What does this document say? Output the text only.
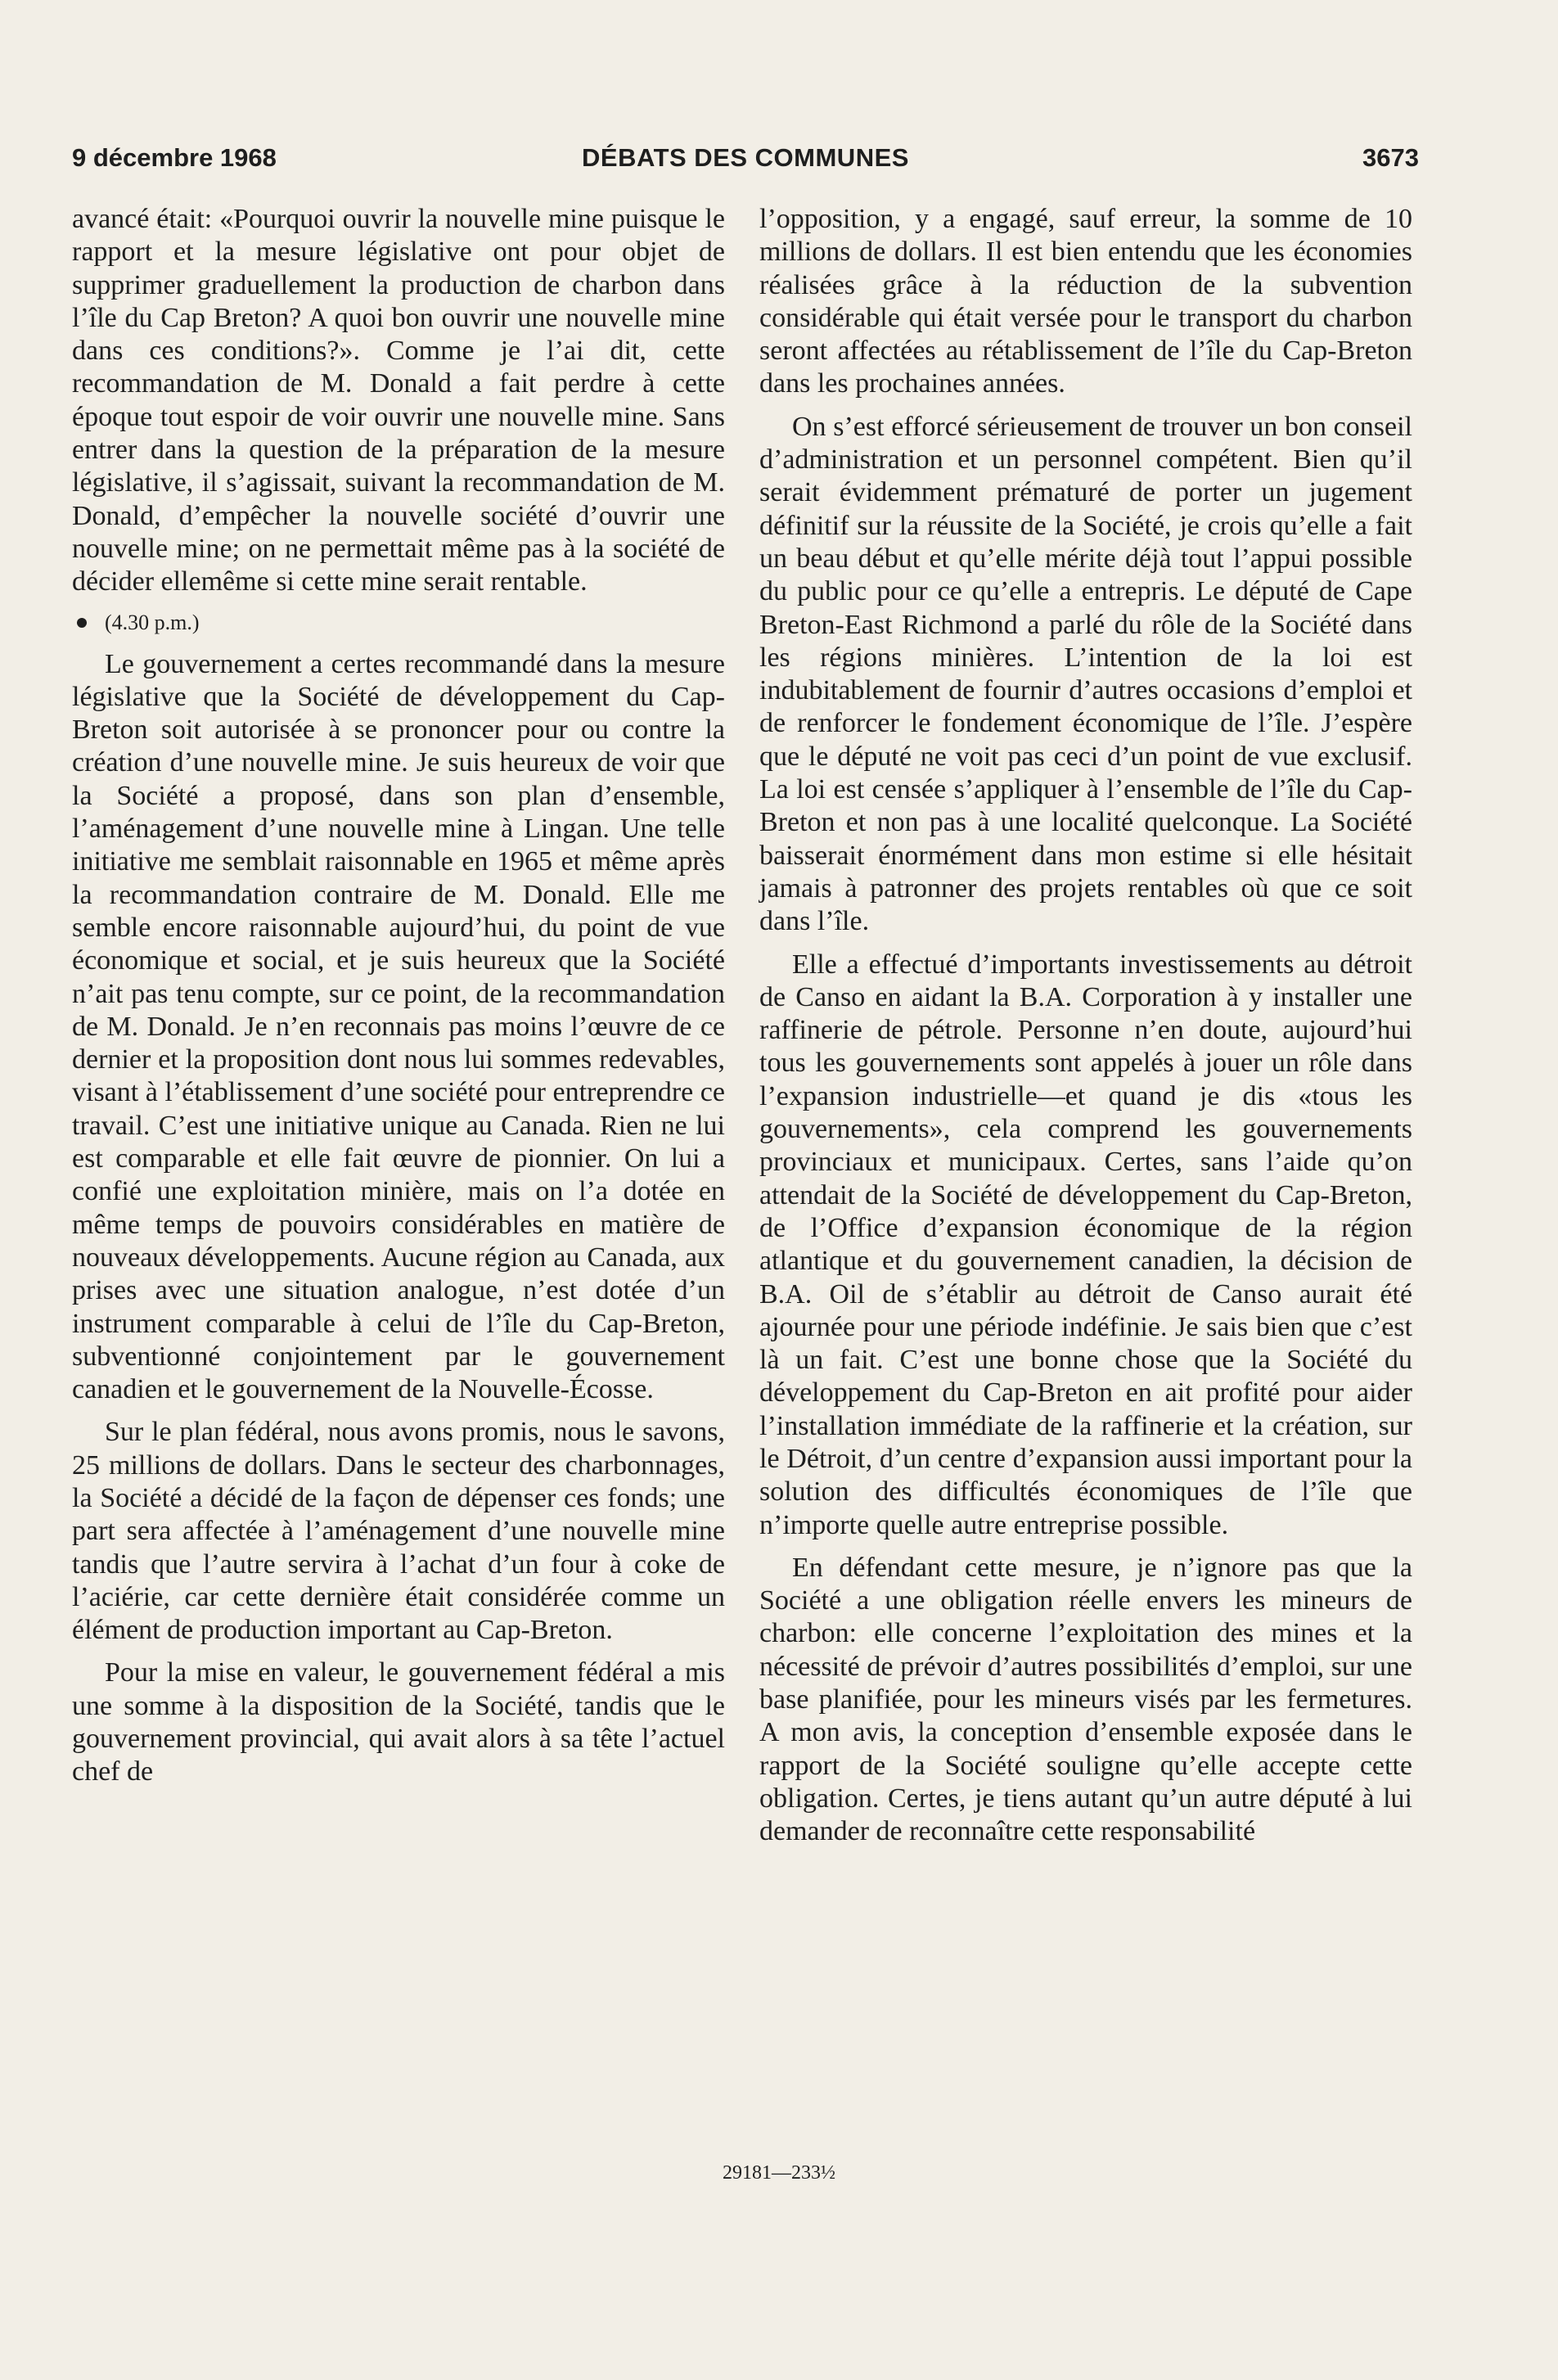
9 décembre 1968	DÉBATS DES COMMUNES	3673

avancé était: «Pourquoi ouvrir la nouvelle mine puisque le rapport et la mesure législative ont pour objet de supprimer graduellement la production de charbon dans l’île du Cap Breton? A quoi bon ouvrir une nouvelle mine dans ces conditions?». Comme je l’ai dit, cette recommandation de M. Donald a fait perdre à cette époque tout espoir de voir ouvrir une nouvelle mine. Sans entrer dans la question de la préparation de la mesure législative, il s’agissait, suivant la recommandation de M. Donald, d’empêcher la nouvelle société d’ouvrir une nouvelle mine; on ne permettait même pas à la société de décider ellemême si cette mine serait rentable.

(4.30 p.m.)

Le gouvernement a certes recommandé dans la mesure législative que la Société de développement du Cap-Breton soit autorisée à se prononcer pour ou contre la création d’une nouvelle mine. Je suis heureux de voir que la Société a proposé, dans son plan d’ensemble, l’aménagement d’une nouvelle mine à Lingan. Une telle initiative me semblait raisonnable en 1965 et même après la recommandation contraire de M. Donald. Elle me semble encore raisonnable aujourd’hui, du point de vue économique et social, et je suis heureux que la Société n’ait pas tenu compte, sur ce point, de la recommandation de M. Donald. Je n’en reconnais pas moins l’œuvre de ce dernier et la proposition dont nous lui sommes redevables, visant à l’établissement d’une société pour entreprendre ce travail. C’est une initiative unique au Canada. Rien ne lui est comparable et elle fait œuvre de pionnier. On lui a confié une exploitation minière, mais on l’a dotée en même temps de pouvoirs considérables en matière de nouveaux développements. Aucune région au Canada, aux prises avec une situation analogue, n’est dotée d’un instrument comparable à celui de l’île du Cap-Breton, subventionné conjointement par le gouvernement canadien et le gouvernement de la Nouvelle-Écosse.

Sur le plan fédéral, nous avons promis, nous le savons, 25 millions de dollars. Dans le secteur des charbonnages, la Société a décidé de la façon de dépenser ces fonds; une part sera affectée à l’aménagement d’une nouvelle mine tandis que l’autre servira à l’achat d’un four à coke de l’aciérie, car cette dernière était considérée comme un élément de production important au Cap-Breton.

Pour la mise en valeur, le gouvernement fédéral a mis une somme à la disposition de la Société, tandis que le gouvernement provincial, qui avait alors à sa tête l’actuel chef de

l’opposition, y a engagé, sauf erreur, la somme de 10 millions de dollars. Il est bien entendu que les économies réalisées grâce à la réduction de la subvention considérable qui était versée pour le transport du charbon seront affectées au rétablissement de l’île du Cap-Breton dans les prochaines années.

On s’est efforcé sérieusement de trouver un bon conseil d’administration et un personnel compétent. Bien qu’il serait évidemment prématuré de porter un jugement définitif sur la réussite de la Société, je crois qu’elle a fait un beau début et qu’elle mérite déjà tout l’appui possible du public pour ce qu’elle a entrepris. Le député de Cape Breton-East Richmond a parlé du rôle de la Société dans les régions minières. L’intention de la loi est indubitablement de fournir d’autres occasions d’emploi et de renforcer le fondement économique de l’île. J’espère que le député ne voit pas ceci d’un point de vue exclusif. La loi est censée s’appliquer à l’ensemble de l’île du Cap-Breton et non pas à une localité quelconque. La Société baisserait énormément dans mon estime si elle hésitait jamais à patronner des projets rentables où que ce soit dans l’île.

Elle a effectué d’importants investissements au détroit de Canso en aidant la B.A. Corporation à y installer une raffinerie de pétrole. Personne n’en doute, aujourd’hui tous les gouvernements sont appelés à jouer un rôle dans l’expansion industrielle—et quand je dis «tous les gouvernements», cela comprend les gouvernements provinciaux et municipaux. Certes, sans l’aide qu’on attendait de la Société de développement du Cap-Breton, de l’Office d’expansion économique de la région atlantique et du gouvernement canadien, la décision de B.A. Oil de s’établir au détroit de Canso aurait été ajournée pour une période indéfinie. Je sais bien que c’est là un fait. C’est une bonne chose que la Société du développement du Cap-Breton en ait profité pour aider l’installation immédiate de la raffinerie et la création, sur le Détroit, d’un centre d’expansion aussi important pour la solution des difficultés économiques de l’île que n’importe quelle autre entreprise possible.

En défendant cette mesure, je n’ignore pas que la Société a une obligation réelle envers les mineurs de charbon: elle concerne l’exploitation des mines et la nécessité de prévoir d’autres possibilités d’emploi, sur une base planifiée, pour les mineurs visés par les fermetures. A mon avis, la conception d’ensemble exposée dans le rapport de la Société souligne qu’elle accepte cette obligation. Certes, je tiens autant qu’un autre député à lui demander de reconnaître cette responsabilité

29181—233½
